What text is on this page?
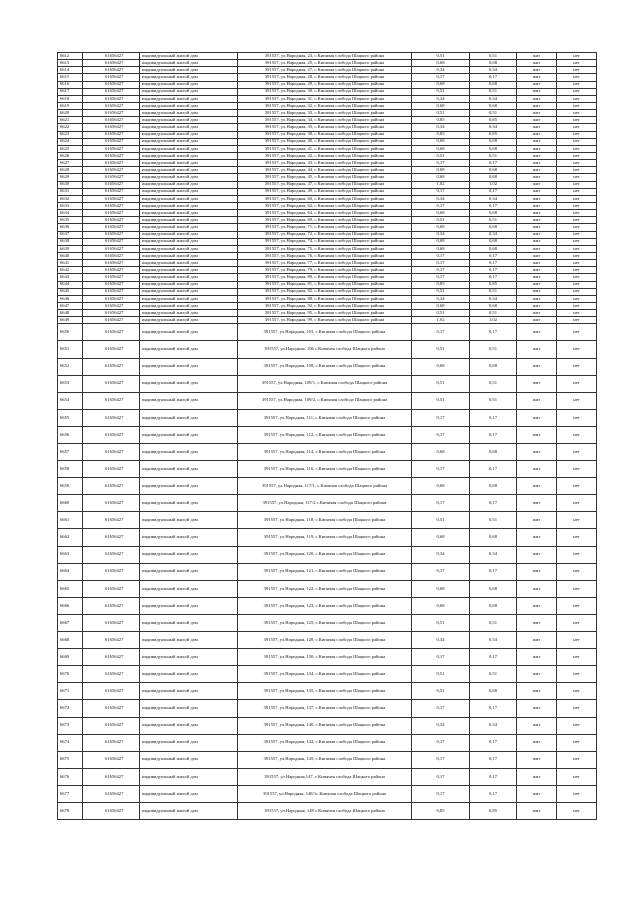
6612	61656427	индивидуальный жилой дом	391557, ул.Народная, 23, с.Кипячая слобода Шацкого района	0,51	0,51	жит	нет
6613	61656427	индивидуальный жилой дом	391557, ул.Народная, 25, с.Кипячая слобода Шацкого района	0,68	0,68	жит	нет
6614	61656427	индивидуальный жилой дом	391557, ул.Народная, 27, с.Кипячая слобода Шацкого района	0,34	0,34	жит	нет
6615	61656427	индивидуальный жилой дом	391557, ул.Народная, 28, с.Кипячая слобода Шацкого района	0,17	0,17	жит	нет
6616	61656427	индивидуальный жилой дом	391557, ул.Народная, 29, с.Кипячая слобода Шацкого района	0,68	0,68	жит	нет
6617	61656427	индивидуальный жилой дом	391557, ул.Народная, 30, с.Кипячая слобода Шацкого района	0,51	0,51	жит	нет
6618	61656427	индивидуальный жилой дом	391557, ул.Народная, 31, с.Кипячая слобода Шацкого района	0,34	0,34	жит	нет
6619	61656427	индивидуальный жилой дом	391557, ул.Народная, 32, с.Кипячая слобода Шацкого района	0,68	0,68	жит	нет
6620	61656427	индивидуальный жилой дом	391557, ул.Народная, 33, с.Кипячая слобода Шацкого района	0,51	0,51	жит	нет
6621	61656427	индивидуальный жилой дом	391557, ул.Народная, 34, с.Кипячая слобода Шацкого района	0,85	0,85	жит	нет
6622	61656427	индивидуальный жилой дом	391557, ул.Народная, 35, с.Кипячая слобода Шацкого района	0,34	0,34	жит	нет
6623	61656427	индивидуальный жилой дом	391557, ул.Народная, 38, с.Кипячая слобода Шацкого района	0,85	0,85	жит	нет
6624	61656427	индивидуальный жилой дом	391557, ул.Народная, 40, с.Кипячая слобода Шацкого района	0,68	0,68	жит	нет
6625	61656427	индивидуальный жилой дом	391557, ул.Народная, 41, с.Кипячая слобода Шацкого района	0,68	0,68	жит	нет
6626	61656427	индивидуальный жилой дом	391557, ул.Народная, 42, с.Кипячая слобода Шацкого района	0,51	0,51	жит	нет
6627	61656427	индивидуальный жилой дом	391557, ул.Народная, 43, с.Кипячая слобода Шацкого района	0,17	0,17	жит	нет
6628	61656427	индивидуальный жилой дом	391557, ул.Народная, 44, с.Кипячая слобода Шацкого района	0,68	0,68	жит	нет
6629	61656427	индивидуальный жилой дом	391557, ул.Народная, 45, с.Кипячая слобода Шацкого района	0,68	0,68	жит	нет
6630	61656427	индивидуальный жилой дом	391557, ул.Народная, 47, с.Кипячая слобода Шацкого района	1,02	1,02	жит	нет
6631	61656427	индивидуальный жилой дом	391557, ул.Народная, 49, с.Кипячая слобода Шацкого района	0,17	0,17	жит	нет
6632	61656427	индивидуальный жилой дом	391557, ул.Народная, 60, с.Кипячая слобода Шацкого района	0,34	0,34	жит	нет
6633	61656427	индивидуальный жилой дом	391557, ул.Народная, 62, с.Кипячая слобода Шацкого района	0,17	0,17	жит	нет
6634	61656427	индивидуальный жилой дом	391557, ул.Народная, 64, с.Кипячая слобода Шацкого района	0,68	0,68	жит	нет
6635	61656427	индивидуальный жилой дом	391557, ул.Народная, 69, с.Кипячая слобода Шацкого района	0,51	0,51	жит	нет
6636	61656427	индивидуальный жилой дом	391557, ул.Народная, 71, с.Кипячая слобода Шацкого района	0,68	0,68	жит	нет
6637	61656427	индивидуальный жилой дом	391557, ул.Народная, 72, с.Кипячая слобода Шацкого района	0,34	0,34	жит	нет
6638	61656427	индивидуальный жилой дом	391557, ул.Народная, 74, с.Кипячая слобода Шацкого района	0,68	0,68	жит	нет
6639	61656427	индивидуальный жилой дом	391557, ул.Народная, 75, с.Кипячая слобода Шацкого района	0,68	0,68	жит	нет
6640	61656427	индивидуальный жилой дом	391557, ул.Народная, 76, с.Кипячая слобода Шацкого района	0,17	0,17	жит	нет
6641	61656427	индивидуальный жилой дом	391557, ул.Народная, 77, с.Кипячая слобода Шацкого района	0,17	0,17	жит	нет
6642	61656427	индивидуальный жилой дом	391557, ул.Народная, 79, с.Кипячая слобода Шацкого района	0,17	0,17	жит	нет
6643	61656427	индивидуальный жилой дом	391557, ул.Народная, 80, с.Кипячая слобода Шацкого района	0,17	0,17	жит	нет
6644	61656427	индивидуальный жилой дом	391557, ул.Народная, 81, с.Кипячая слобода Шацкого района	0,85	0,85	жит	нет
6645	61656427	индивидуальный жилой дом	391557, ул.Народная, 82, с.Кипячая слобода Шацкого района	0,51	0,51	жит	нет
6646	61656427	индивидуальный жилой дом	391557, ул.Народная, 88, с.Кипячая слобода Шацкого района	0,34	0,34	жит	нет
6647	61656427	индивидуальный жилой дом	391557, ул.Народная, 92, с.Кипячая слобода Шацкого района	0,68	0,68	жит	нет
6648	61656427	индивидуальный жилой дом	391557, ул.Народная, 95, с.Кипячая слобода Шацкого района	0,51	0,51	жит	нет
6649	61656427	индивидуальный жилой дом	391557, ул.Народная, 99, с.Кипячая слобода Шацкого района	1,02	1,02	жит	нет
6650	61656427	индивидуальный жилой дом	391557, ул.Народная, 103, с.Кипячая слобода Шацкого района	0,17	0,17	жит	нет
6651	61656427	индивидуальный жилой дом	391557, ул.Народная, 106 с.Кипячая слобода Шацкого района	0,51	0,51	жит	нет
6652	61656427	индивидуальный жилой дом	391557, ул.Народная, 108, с.Кипячая слобода Шацкого района	0,68	0,68	жит	нет
6653	61656427	индивидуальный жилой дом	391557, ул.Народная, 109/1, с.Кипячая слобода Шацкого района	0,51	0,51	жит	нет
6654	61656427	индивидуальный жилой дом	391557, ул.Народная, 109/2, с.Кипячая слобода Шацкого района	0,51	0,51	жит	нет
6655	61656427	индивидуальный жилой дом	391557, ул.Народная, 111, с.Кипячая слобода Шацкого района	0,17	0,17	жит	нет
6656	61656427	индивидуальный жилой дом	391557, ул.Народная, 112, с.Кипячая слобода Шацкого района	0,17	0,17	жит	нет
6657	61656427	индивидуальный жилой дом	391557, ул.Народная, 114, с.Кипячая слобода Шацкого района	0,68	0,68	жит	нет
6658	61656427	индивидуальный жилой дом	391557, ул.Народная, 116, с.Кипячая слобода Шацкого района	0,17	0,17	жит	нет
6659	61656427	индивидуальный жилой дом	391557, ул.Народная, 117/1, с.Кипячая слобода Шацкого района	0,68	0,68	жит	нет
6660	61656427	индивидуальный жилой дом	391557, ул.Народная, 117/2 с.Кипячая слобода Шацкого района	0,17	0,17	жит	нет
6661	61656427	индивидуальный жилой дом	391557, ул.Народная, 118, с.Кипячая слобода Шацкого района	0,51	0,51	жит	нет
6662	61656427	индивидуальный жилой дом	391557, ул.Народная, 119, с.Кипячая слобода Шацкого района	0,68	0,68	жит	нет
6663	61656427	индивидуальный жилой дом	391557, ул.Народная, 120, с.Кипячая слобода Шацкого района	0,34	0,34	жит	нет
6664	61656427	индивидуальный жилой дом	391557, ул.Народная, 121, с.Кипячая слобода Шацкого района	0,17	0,17	жит	нет
6665	61656427	индивидуальный жилой дом	391557, ул.Народная, 122, с.Кипячая слобода Шацкого района	0,68	0,68	жит	нет
6666	61656427	индивидуальный жилой дом	391557, ул.Народная, 123, с.Кипячая слобода Шацкого района	0,68	0,68	жит	нет
6667	61656427	индивидуальный жилой дом	391557, ул.Народная, 125, с.Кипячая слобода Шацкого района	0,51	0,51	жит	нет
6668	61656427	индивидуальный жилой дом	391557, ул.Народная, 128, с.Кипячая слобода Шацкого района	0,34	0,34	жит	нет
6669	61656427	индивидуальный жилой дом	391557, ул.Народная, 130, с.Кипячая слобода Шацкого района	0,17	0,17	жит	нет
6670	61656427	индивидуальный жилой дом	391557, ул.Народная, 134, с.Кипячая слобода Шацкого района	0,51	0,51	жит	нет
6671	61656427	индивидуальный жилой дом	391557, ул.Народная, 135, с.Кипячая слобода Шацкого района	0,51	0,68	жит	нет
6672	61656427	индивидуальный жилой дом	391557, ул.Народная, 137, с.Кипячая слобода Шацкого района	0,17	0,17	жит	нет
6673	61656427	индивидуальный жилой дом	391557, ул.Народная, 140, с.Кипячая слобода Шацкого района	0,34	0,34	жит	нет
6674	61656427	индивидуальный жилой дом	391557, ул.Народная, 142, с.Кипячая слобода Шацкого района	0,17	0,17	жит	нет
6675	61656427	индивидуальный жилой дом	391557, ул.Народная, 145, с.Кипячая слобода Шацкого района	0,17	0,17	жит	нет
6676	61656427	индивидуальный жилой дом	391557, ул.Народная,147, с.Кипячая слобода Шацкого района	0,17	0,17	жит	нет
6677	61656427	индивидуальный жилой дом	391557, ул.Народная, 148/1с.Кипячая слобода Шацкого района	0,17	0,17	жит	нет
6678	61656427	индивидуальный жилой дом	391557, ул.Народная, 148 с.Кипячая слобода Шацкого района	0,85	0,85	жит	нет
